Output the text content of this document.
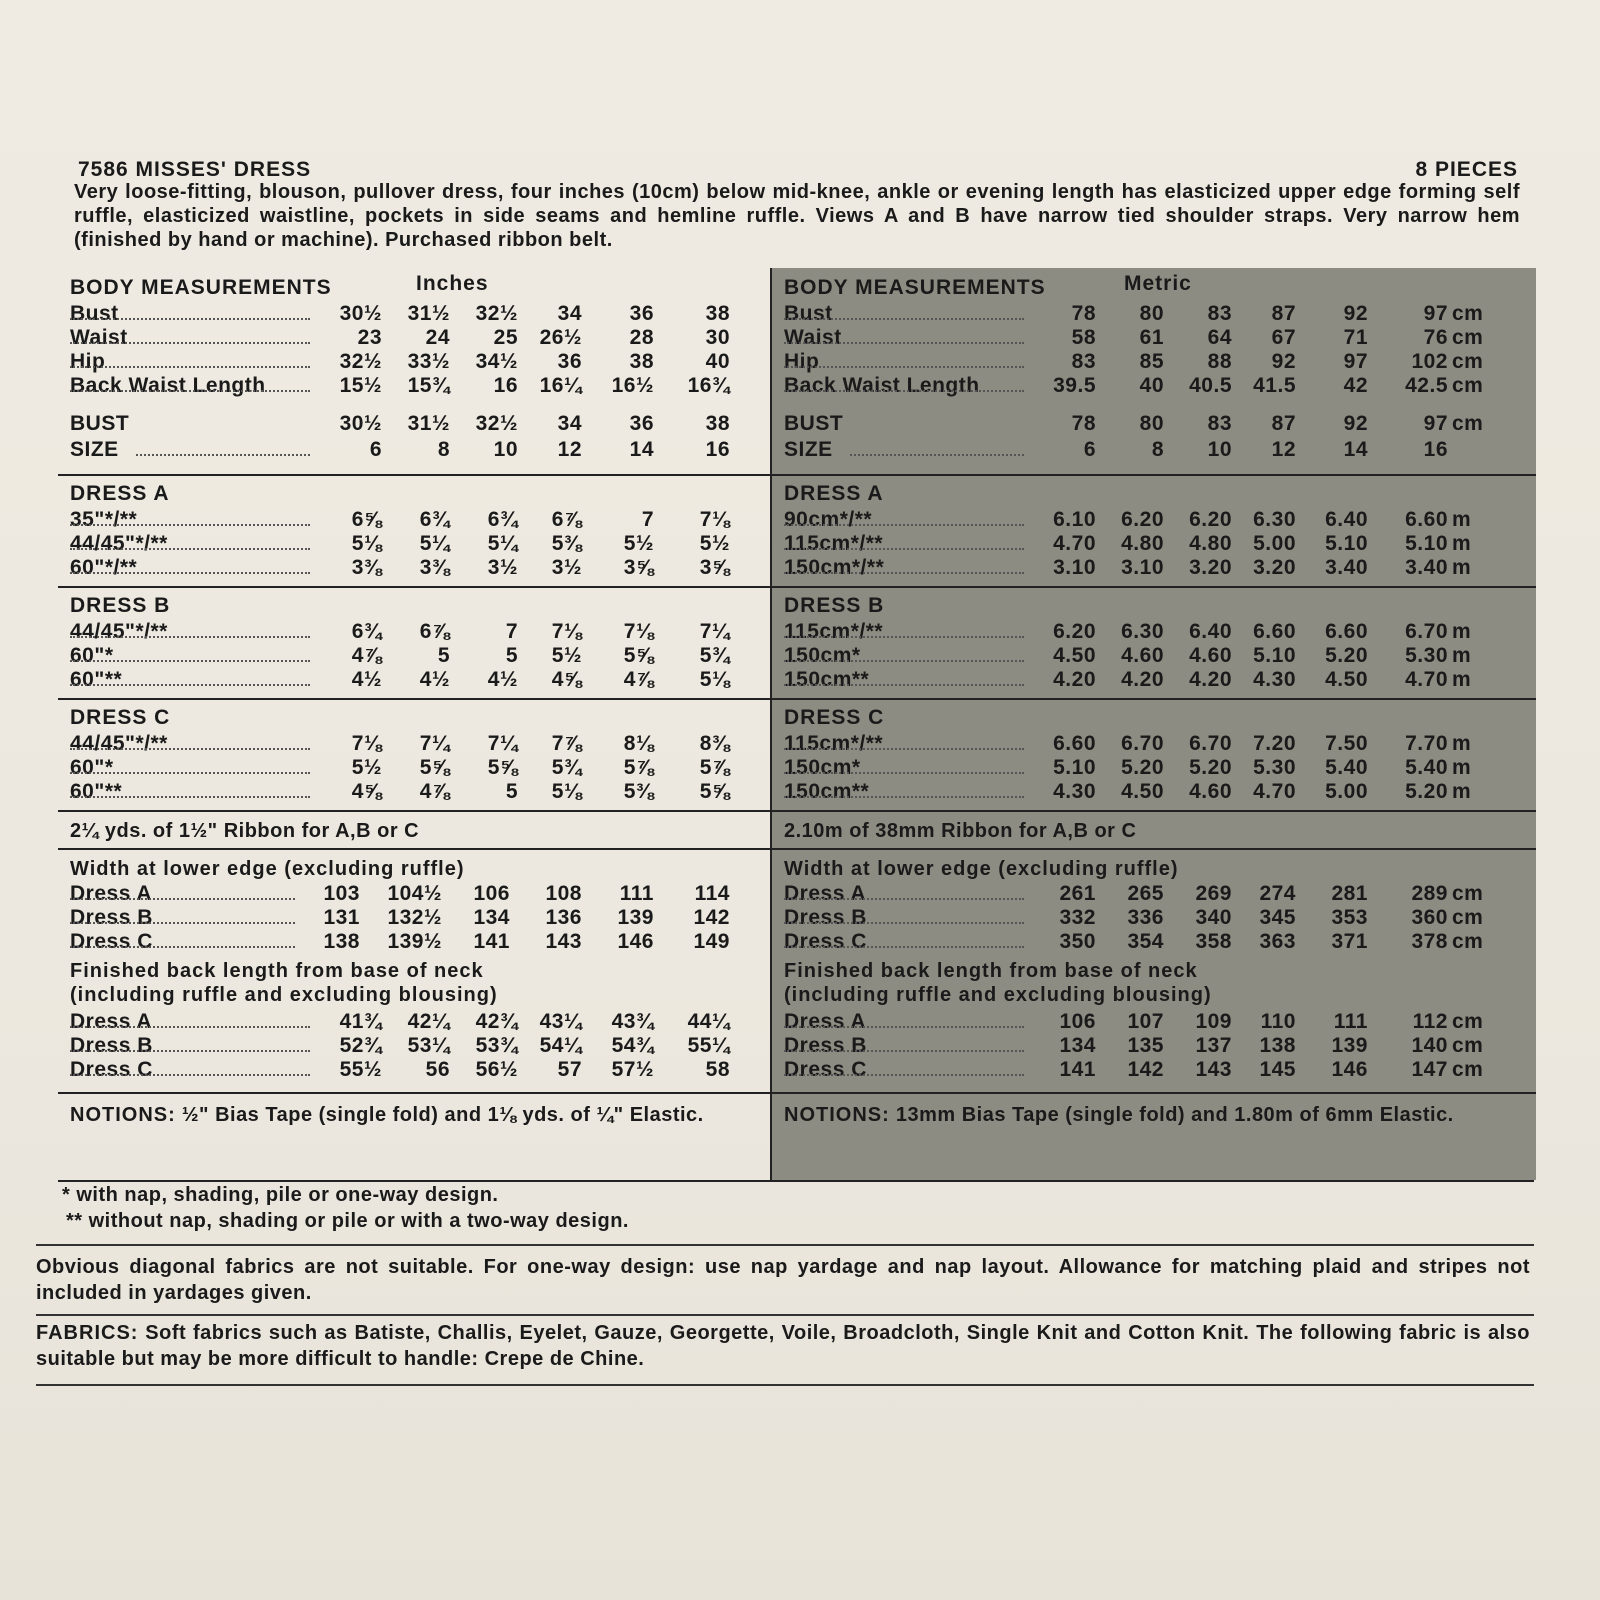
7586 MISSES' DRESS	8 PIECES
Very loose-fitting, blouson, pullover dress, four inches (10cm) below mid-knee, ankle or evening length has elasticized upper edge forming self ruffle, elasticized waistline, pockets in side seams and hemline ruffle. Views A and B have narrow tied shoulder straps. Very narrow hem (finished by hand or machine). Purchased ribbon belt.
BODY MEASUREMENTS	Inches
Bust	30½	31½	32½	34	36	38
Waist	23	24	25	26½	28	30
Hip	32½	33½	34½	36	38	40
Back Waist Length	15½	15¾	16	16¼	16½	16¾
BUST	30½	31½	32½	34	36	38
SIZE	6	8	10	12	14	16
DRESS A
35"*/**	6⅝	6¾	6¾	6⅞	7	7⅛
44/45"*/**	5⅛	5¼	5¼	5⅜	5½	5½
60"*/**	3⅜	3⅜	3½	3½	3⅝	3⅝
DRESS B
44/45"*/**	6¾	6⅞	7	7⅛	7⅛	7¼
60"*	4⅞	5	5	5½	5⅝	5¾
60"**	4½	4½	4½	4⅝	4⅞	5⅛
DRESS C
44/45"*/**	7⅛	7¼	7¼	7⅞	8⅛	8⅜
60"*	5½	5⅝	5⅝	5¾	5⅞	5⅞
60"**	4⅝	4⅞	5	5⅛	5⅜	5⅝
2¼ yds. of 1½" Ribbon for A,B or C
Width at lower edge (excluding ruffle)
Dress A	103	104½	106	108	111	114
Dress B	131	132½	134	136	139	142
Dress C	138	139½	141	143	146	149
Finished back length from base of neck
(including ruffle and excluding blousing)
Dress A	41¾	42¼	42¾	43¼	43¾	44¼
Dress B	52¾	53¼	53¾	54¼	54¾	55¼
Dress C	55½	56	56½	57	57½	58
NOTIONS: ½" Bias Tape (single fold) and 1⅛ yds. of ¼" Elastic.
BODY MEASUREMENTS	Metric
Bust	78	80	83	87	92	97 cm
Waist	58	61	64	67	71	76 cm
Hip	83	85	88	92	97	102 cm
Back Waist Length	39.5	40	40.5	41.5	42	42.5 cm
BUST	78	80	83	87	92	97 cm
SIZE	6	8	10	12	14	16
DRESS A
90cm*/**	6.10	6.20	6.20	6.30	6.40	6.60 m
115cm*/**	4.70	4.80	4.80	5.00	5.10	5.10 m
150cm*/**	3.10	3.10	3.20	3.20	3.40	3.40 m
DRESS B
115cm*/**	6.20	6.30	6.40	6.60	6.60	6.70 m
150cm*	4.50	4.60	4.60	5.10	5.20	5.30 m
150cm**	4.20	4.20	4.20	4.30	4.50	4.70 m
DRESS C
115cm*/**	6.60	6.70	6.70	7.20	7.50	7.70 m
150cm*	5.10	5.20	5.20	5.30	5.40	5.40 m
150cm**	4.30	4.50	4.60	4.70	5.00	5.20 m
2.10m of 38mm Ribbon for A,B or C
Width at lower edge (excluding ruffle)
Dress A	261	265	269	274	281	289 cm
Dress B	332	336	340	345	353	360 cm
Dress C	350	354	358	363	371	378 cm
Finished back length from base of neck
(including ruffle and excluding blousing)
Dress A	106	107	109	110	111	112 cm
Dress B	134	135	137	138	139	140 cm
Dress C	141	142	143	145	146	147 cm
NOTIONS: 13mm Bias Tape (single fold) and 1.80m of 6mm Elastic.
* with nap, shading, pile or one-way design.
** without nap, shading or pile or with a two-way design.
Obvious diagonal fabrics are not suitable. For one-way design: use nap yardage and nap layout. Allowance for matching plaid and stripes not included in yardages given.
FABRICS: Soft fabrics such as Batiste, Challis, Eyelet, Gauze, Georgette, Voile, Broadcloth, Single Knit and Cotton Knit. The following fabric is also suitable but may be more difficult to handle: Crepe de Chine.
